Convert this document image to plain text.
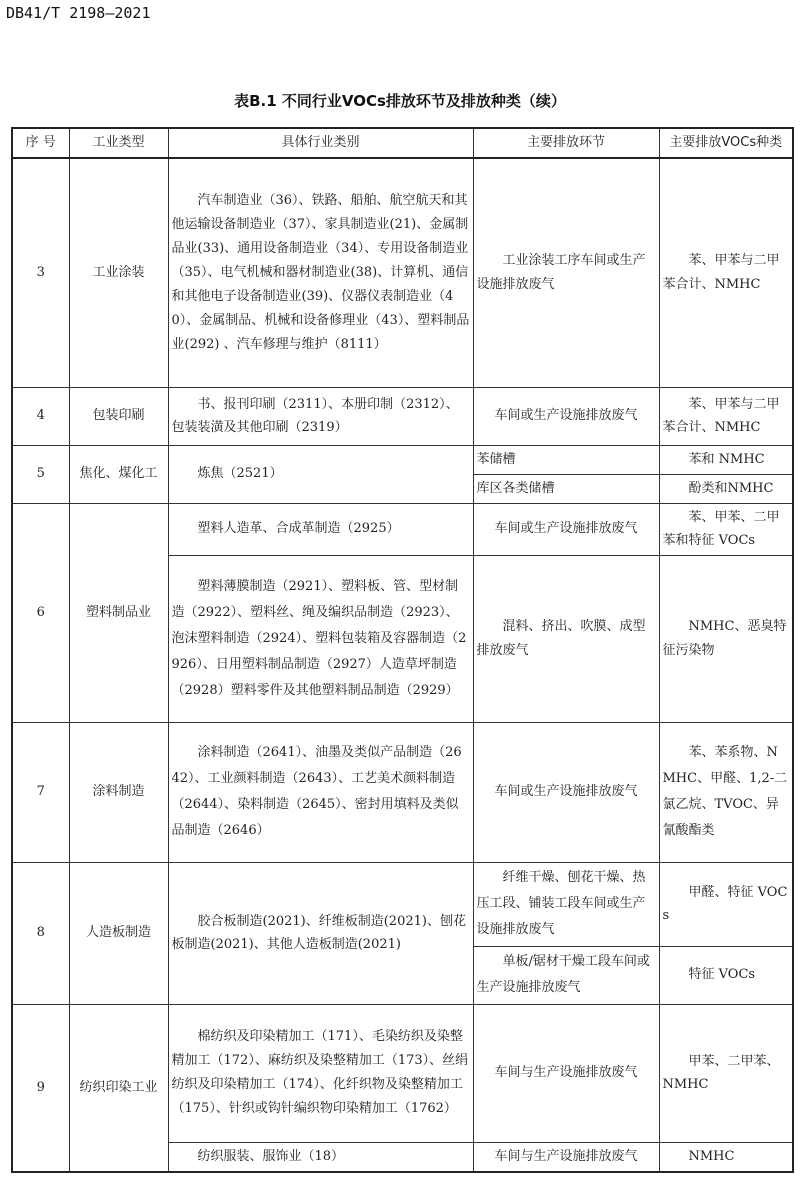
DB41/T 2198—2021
表B.1 不同行业VOCs排放环节及排放种类（续）
序 号	工业类型	具体行业类别	主要排放环节	主要排放VOCs种类
3	工业涂装	汽车制造业（36）、铁路、船舶、航空航天和其他运输设备制造业（37）、家具制造业(21)、金属制品业(33)、通用设备制造业（34）、专用设备制造业（35）、电气机械和器材制造业(38)、计算机、通信和其他电子设备制造业(39)、仪器仪表制造业（40）、金属制品、机械和设备修理业（43）、塑料制品业(292) 、汽车修理与维护（8111）	工业涂装工序车间或生产设施排放废气	苯、甲苯与二甲苯合计、NMHC
4	包装印刷	书、报刊印刷（2311）、本册印制（2312）、包装装潢及其他印刷（2319）	车间或生产设施排放废气	苯、甲苯与二甲苯合计、NMHC
5	焦化、煤化工	炼焦（2521）	苯储槽	苯和 NMHC
			库区各类储槽	酚类和NMHC
6	塑料制品业	塑料人造革、合成革制造（2925）	车间或生产设施排放废气	苯、甲苯、二甲苯和特征 VOCs
		塑料薄膜制造（2921）、塑料板、管、型材制造（2922）、塑料丝、绳及编织品制造（2923）、泡沫塑料制造（2924）、塑料包装箱及容器制造（2926）、日用塑料制品制造（2927）人造草坪制造（2928）塑料零件及其他塑料制品制造（2929）	混料、挤出、吹膜、成型排放废气	NMHC、恶臭特征污染物
7	涂料制造	涂料制造（2641）、油墨及类似产品制造（2642）、工业颜料制造（2643）、工艺美术颜料制造（2644）、染料制造（2645）、密封用填料及类似品制造（2646）	车间或生产设施排放废气	苯、苯系物、NMHC、甲醛、1,2-二氯乙烷、TVOC、异氰酸酯类
8	人造板制造	胶合板制造(2021)、纤维板制造(2021)、刨花板制造(2021)、其他人造板制造(2021)	纤维干燥、刨花干燥、热压工段、铺装工段车间或生产设施排放废气	甲醛、特征 VOCs
			单板/锯材干燥工段车间或生产设施排放废气	特征 VOCs
9	纺织印染工业	棉纺织及印染精加工（171）、毛染纺织及染整精加工（172）、麻纺织及染整精加工（173）、丝绢纺织及印染精加工（174）、化纤织物及染整精加工（175）、针织或钩针编织物印染精加工（1762）	车间与生产设施排放废气	甲苯、二甲苯、NMHC
		纺织服装、服饰业（18）	车间与生产设施排放废气	NMHC
